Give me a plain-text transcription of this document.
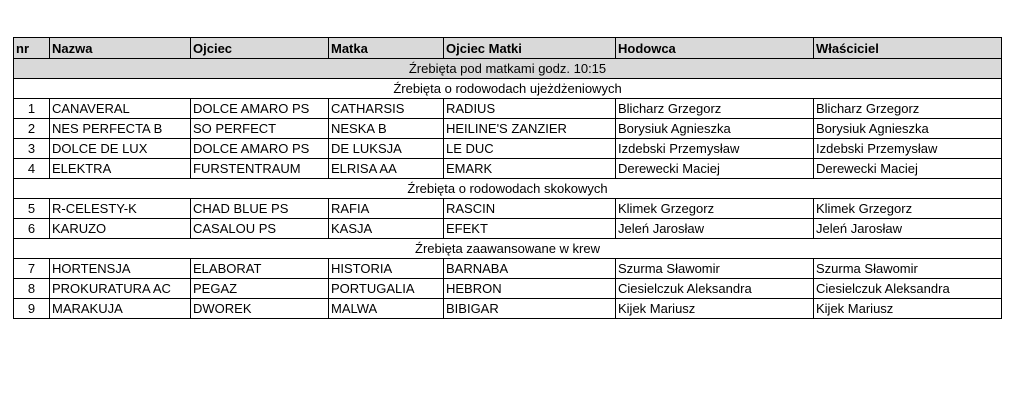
nr	Nazwa	Ojciec	Matka	Ojciec Matki	Hodowca	Właściciel
Źrebięta pod matkami godz. 10:15						
Źrebięta o rodowodach ujeżdżeniowych						
1	CANAVERAL	DOLCE AMARO PS	CATHARSIS	RADIUS	Blicharz Grzegorz	Blicharz Grzegorz
2	NES PERFECTA B	SO PERFECT	NESKA B	HEILINE'S ZANZIER	Borysiuk Agnieszka	Borysiuk Agnieszka
3	DOLCE DE LUX	DOLCE AMARO PS	DE LUKSJA	LE DUC	Izdebski Przemysław	Izdebski Przemysław
4	ELEKTRA	FURSTENTRAUM	ELRISA AA	EMARK	Derewecki Maciej	Derewecki Maciej
Źrebięta o rodowodach skokowych						
5	R-CELESTY-K	CHAD BLUE PS	RAFIA	RASCIN	Klimek Grzegorz	Klimek Grzegorz
6	KARUZO	CASALOU PS	KASJA	EFEKT	Jeleń Jarosław	Jeleń Jarosław
Źrebięta zaawansowane w krew						
7	HORTENSJA	ELABORAT	HISTORIA	BARNABA	Szurma Sławomir	Szurma Sławomir
8	PROKURATURA AC	PEGAZ	PORTUGALIA	HEBRON	Ciesielczuk Aleksandra	Ciesielczuk Aleksandra
9	MARAKUJA	DWOREK	MALWA	BIBIGAR	Kijek Mariusz	Kijek Mariusz
